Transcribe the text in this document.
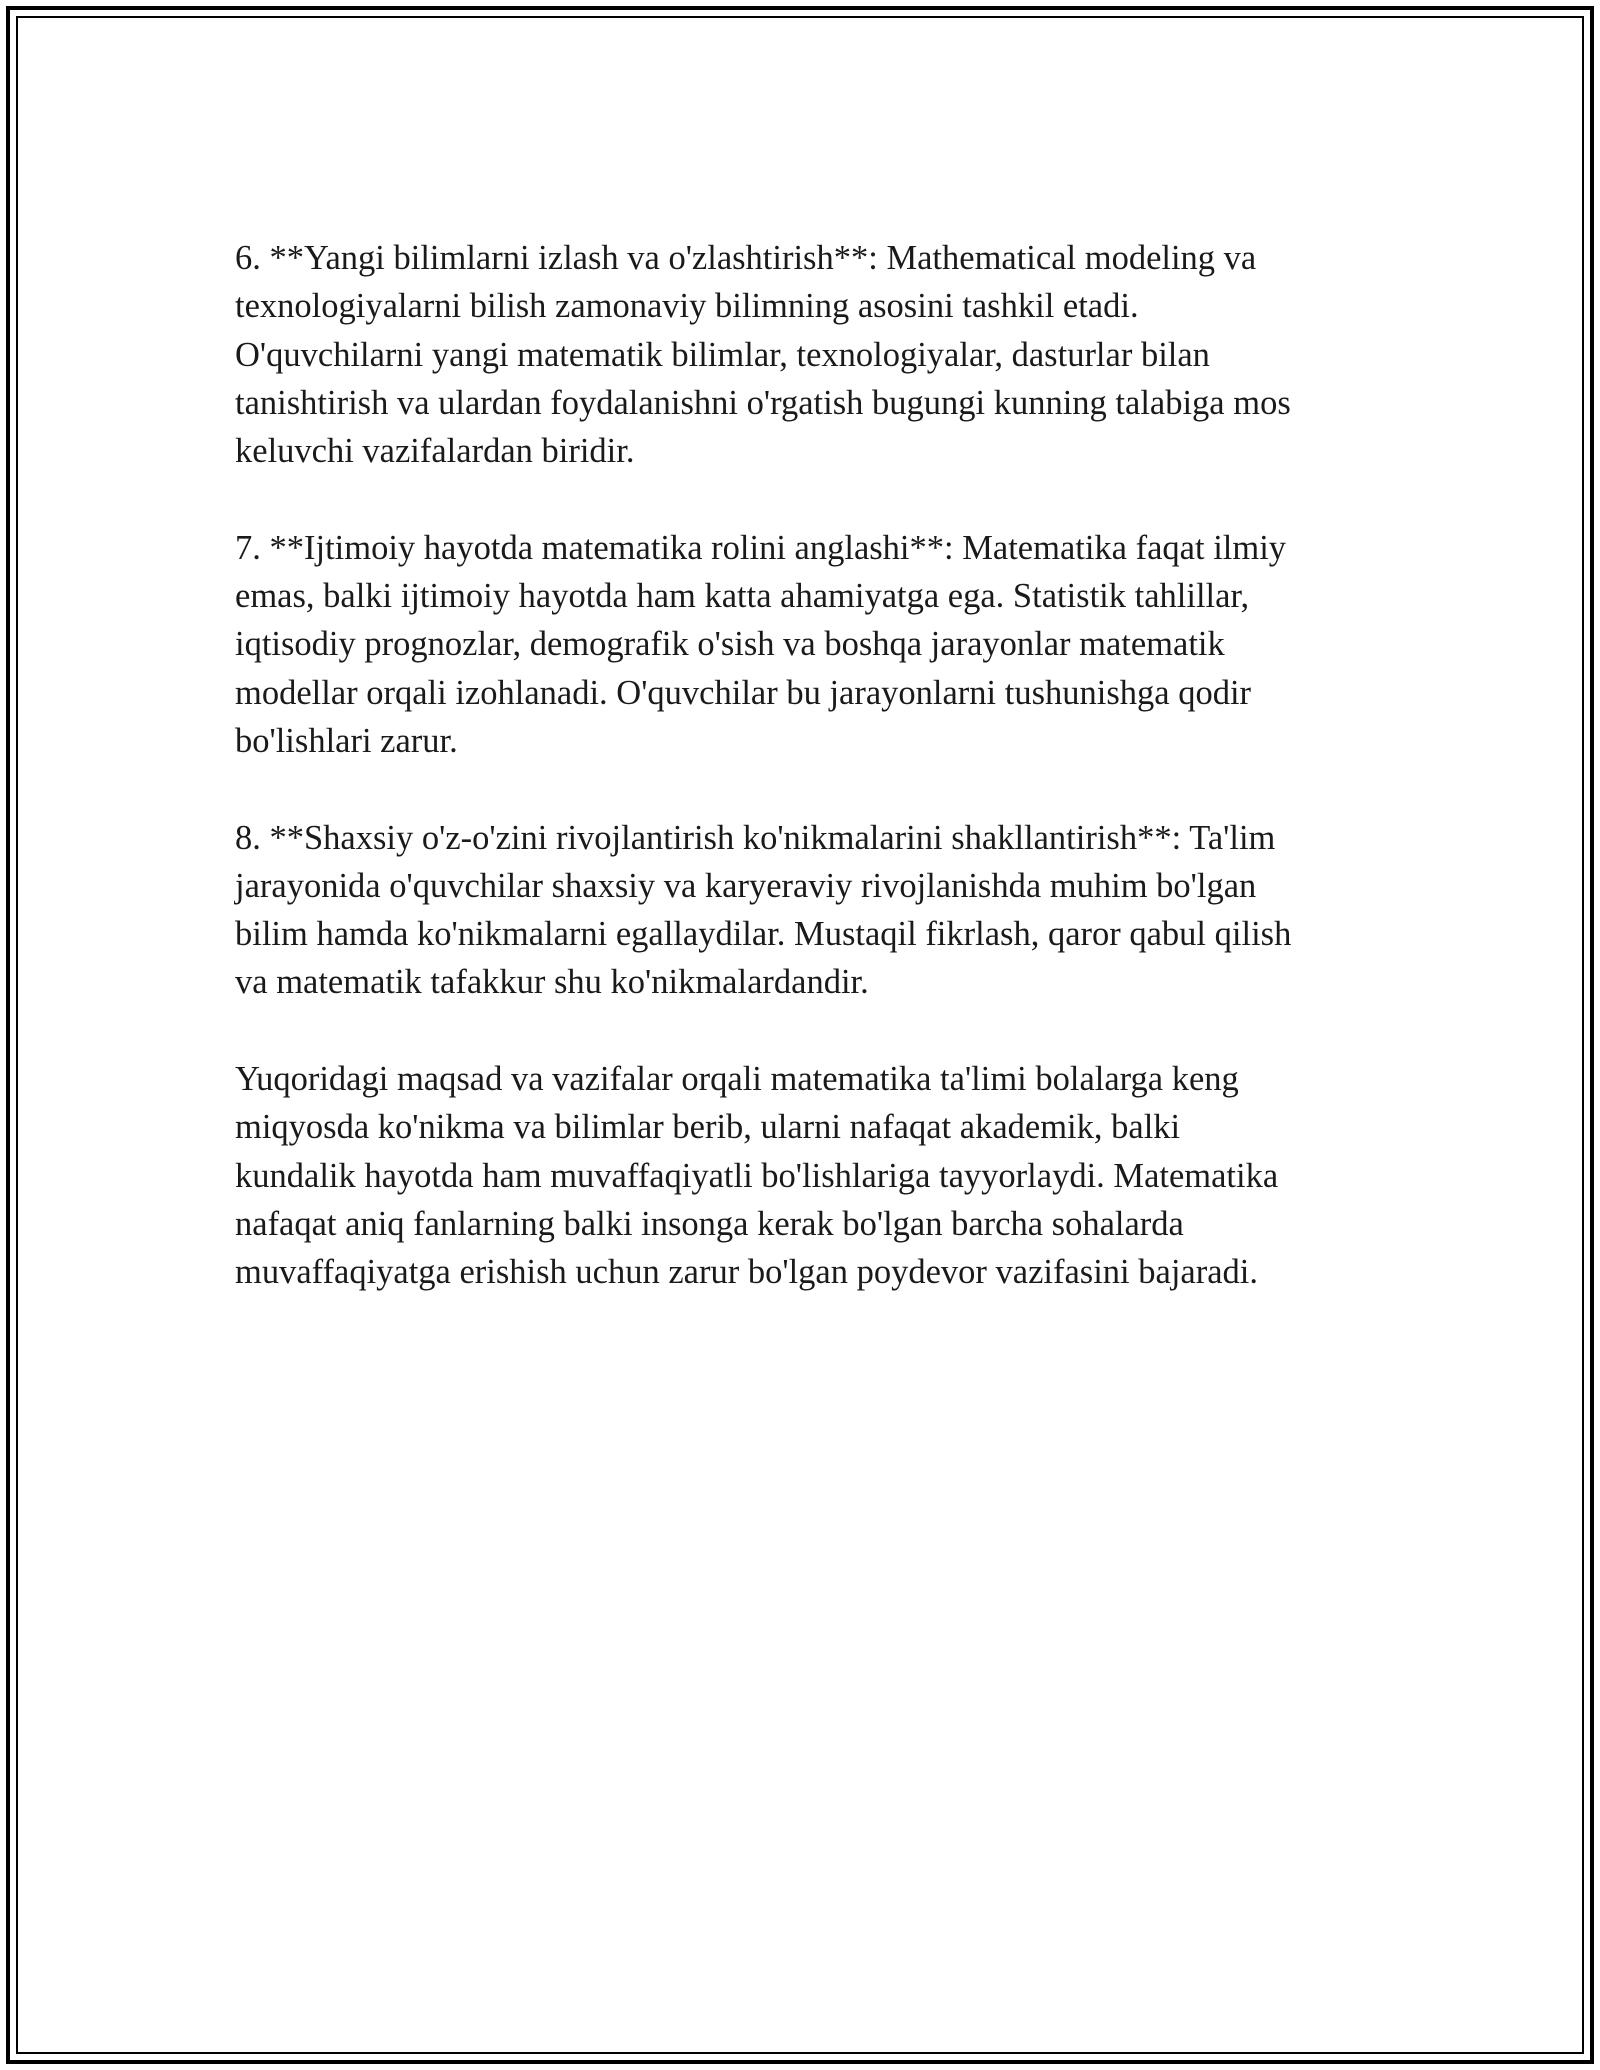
6. **Yangi bilimlarni izlash va o'zlashtirish**: Mathematical modeling va
texnologiyalarni bilish zamonaviy bilimning asosini tashkil etadi.
O'quvchilarni yangi matematik bilimlar, texnologiyalar, dasturlar bilan
tanishtirish va ulardan foydalanishni o'rgatish bugungi kunning talabiga mos
keluvchi vazifalardan biridir.

7. **Ijtimoiy hayotda matematika rolini anglashi**: Matematika faqat ilmiy
emas, balki ijtimoiy hayotda ham katta ahamiyatga ega. Statistik tahlillar,
iqtisodiy prognozlar, demografik o'sish va boshqa jarayonlar matematik
modellar orqali izohlanadi. O'quvchilar bu jarayonlarni tushunishga qodir
bo'lishlari zarur.

8. **Shaxsiy o'z-o'zini rivojlantirish ko'nikmalarini shakllantirish**: Ta'lim
jarayonida o'quvchilar shaxsiy va karyeraviy rivojlanishda muhim bo'lgan
bilim hamda ko'nikmalarni egallaydilar. Mustaqil fikrlash, qaror qabul qilish
va matematik tafakkur shu ko'nikmalardandir.

Yuqoridagi maqsad va vazifalar orqali matematika ta'limi bolalarga keng
miqyosda ko'nikma va bilimlar berib, ularni nafaqat akademik, balki
kundalik hayotda ham muvaffaqiyatli bo'lishlariga tayyorlaydi. Matematika
nafaqat aniq fanlarning balki insonga kerak bo'lgan barcha sohalarda
muvaffaqiyatga erishish uchun zarur bo'lgan poydevor vazifasini bajaradi.
